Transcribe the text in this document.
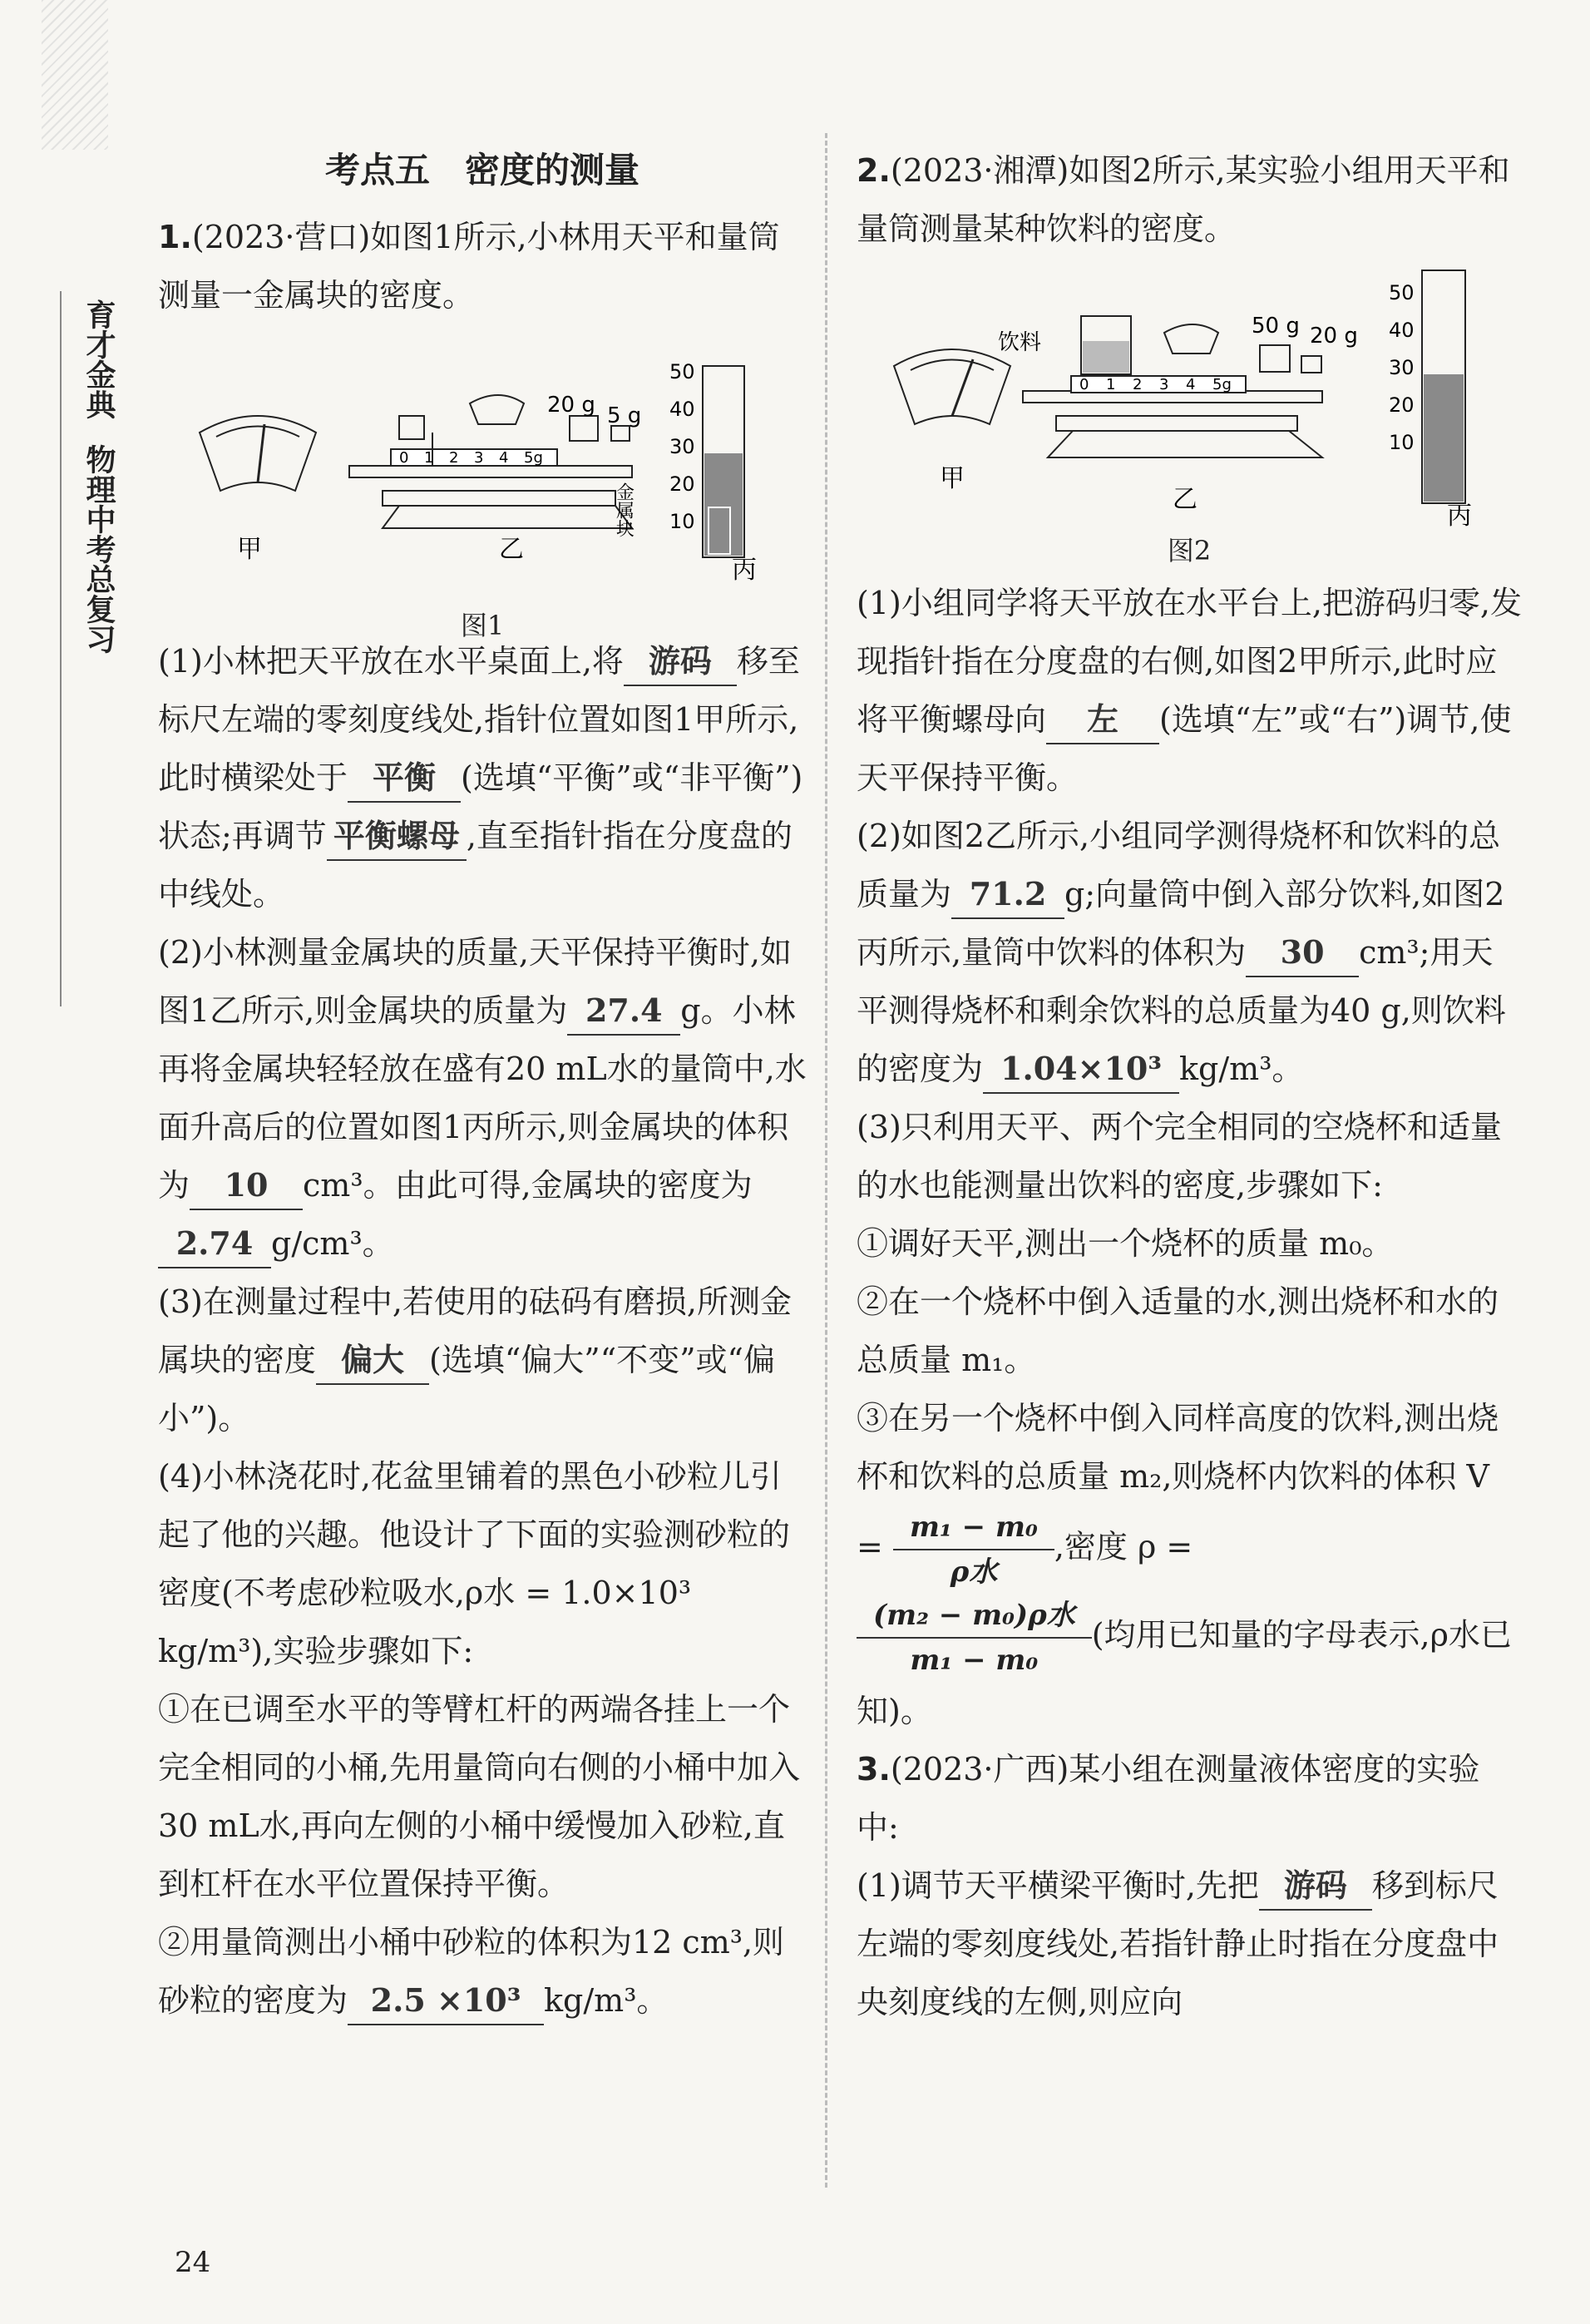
育才金典
物理中考总复习
考点五　密度的测量

1.(2023·营口)如图1所示,小林用天平和量筒测量一金属块的密度。

甲
20 g 5 g
0 1 2 3 4 5g
乙
50
40
30
20
10
金属块
丙
图1

(1)小林把天平放在水平桌面上,将 游码 移至标尺左端的零刻度线处,指针位置如图1甲所示,此时横梁处于 平衡 (选填“平衡”或“非平衡”)状态;再调节 平衡螺母 ,直至指针指在分度盘的中线处。

(2)小林测量金属块的质量,天平保持平衡时,如图1乙所示,则金属块的质量为 27.4 g。小林再将金属块轻轻放在盛有20 mL水的量筒中,水面升高后的位置如图1丙所示,则金属块的体积为 10 cm³。由此可得,金属块的密度为2.74 g/cm³。

(3)在测量过程中,若使用的砝码有磨损,所测金属块的密度 偏大 (选填“偏大”“不变”或“偏小”)。

(4)小林浇花时,花盆里铺着的黑色小砂粒儿引起了他的兴趣。他设计了下面的实验测砂粒的密度(不考虑砂粒吸水,ρ水 = 1.0×10³ kg/m³),实验步骤如下:

①在已调至水平的等臂杠杆的两端各挂上一个完全相同的小桶,先用量筒向右侧的小桶中加入30 mL水,再向左侧的小桶中缓慢加入砂粒,直到杠杆在水平位置保持平衡。

②用量筒测出小桶中砂粒的体积为12 cm³,则砂粒的密度为 2.5 ×10³ kg/m³。

2.(2023·湘潭)如图2所示,某实验小组用天平和量筒测量某种饮料的密度。

甲
饮料
50 g 20 g
0 1 2 3 4 5g
乙
50
40
30
20
10
丙
图2

(1)小组同学将天平放在水平台上,把游码归零,发现指针指在分度盘的右侧,如图2甲所示,此时应将平衡螺母向 左 (选填“左”或“右”)调节,使天平保持平衡。

(2)如图2乙所示,小组同学测得烧杯和饮料的总质量为 71.2 g;向量筒中倒入部分饮料,如图2丙所示,量筒中饮料的体积为 30 cm³;用天平测得烧杯和剩余饮料的总质量为40 g,则饮料的密度为 1.04×10³ kg/m³。

(3)只利用天平、两个完全相同的空烧杯和适量的水也能测量出饮料的密度,步骤如下:

①调好天平,测出一个烧杯的质量 m₀。

②在一个烧杯中倒入适量的水,测出烧杯和水的总质量 m₁。

③在另一个烧杯中倒入同样高度的饮料,测出烧杯和饮料的总质量 m₂,则烧杯内饮料的体积 $V = \frac{\text{m₁ − m₀}}{\text{ρ水}}$ ,密度 ρ =

$\frac{\text{(m₂ − m₀)ρ水}}{\text{m₁ − m₀}}$ (均用已知量的字母表示,ρ水已知)。

3.(2023·广西)某小组在测量液体密度的实验中:

(1)调节天平横梁平衡时,先把 游码 移到标尺左端的零刻度线处,若指针静止时指在分度盘中央刻度线的左侧,则应向

24
